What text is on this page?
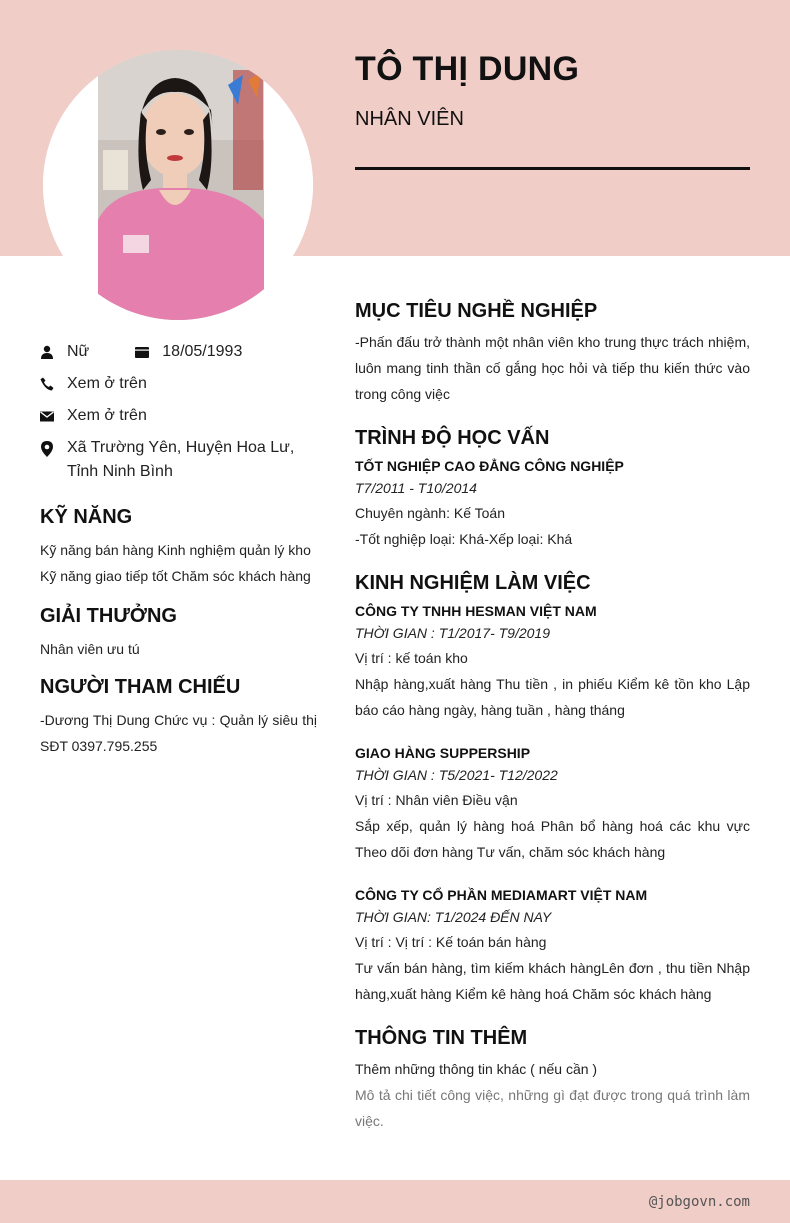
TÔ THỊ DUNG
NHÂN VIÊN
Nữ	18/05/1993
Xem ở trên
Xem ở trên
Xã Trường Yên, Huyện Hoa Lư, Tỉnh Ninh Bình
KỸ NĂNG
Kỹ năng bán hàng Kinh nghiệm quản lý kho
Kỹ năng giao tiếp tốt Chăm sóc khách hàng
GIẢI THƯỞNG
Nhân viên ưu tú
NGƯỜI THAM CHIẾU
-Dương Thị Dung Chức vụ : Quản lý siêu thị SĐT 0397.795.255
MỤC TIÊU NGHỀ NGHIỆP
-Phấn đấu trở thành một nhân viên kho trung thực trách nhiệm, luôn mang tinh thần cố gắng học hỏi và tiếp thu kiến thức vào trong công việc
TRÌNH ĐỘ HỌC VẤN
TỐT NGHIỆP CAO ĐẲNG CÔNG NGHIỆP
T7/2011 - T10/2014
Chuyên ngành: Kế Toán
-Tốt nghiệp loại: Khá-Xếp loại: Khá
KINH NGHIỆM LÀM VIỆC
CÔNG TY TNHH HESMAN VIỆT NAM
THỜI GIAN : T1/2017- T9/2019
Vị trí : kế toán kho
Nhập hàng,xuất hàng Thu tiền , in phiếu Kiểm kê tồn kho Lập báo cáo hàng ngày, hàng tuần , hàng tháng
GIAO HÀNG SUPPERSHIP
THỜI GIAN : T5/2021- T12/2022
Vị trí : Nhân viên Điều vận
Sắp xếp, quản lý hàng hoá Phân bổ hàng hoá các khu vực Theo dõi đơn hàng Tư vấn, chăm sóc khách hàng
CÔNG TY CỔ PHẦN MEDIAMART VIỆT NAM
THỜI GIAN: T1/2024 ĐẾN NAY
Vị trí : Vị trí : Kế toán bán hàng
Tư vấn bán hàng, tìm kiếm khách hàngLên đơn , thu tiền Nhập hàng,xuất hàng Kiểm kê hàng hoá Chăm sóc khách hàng
THÔNG TIN THÊM
Thêm những thông tin khác ( nếu cần )
Mô tả chi tiết công việc, những gì đạt được trong quá trình làm việc.
@jobgovn.com
